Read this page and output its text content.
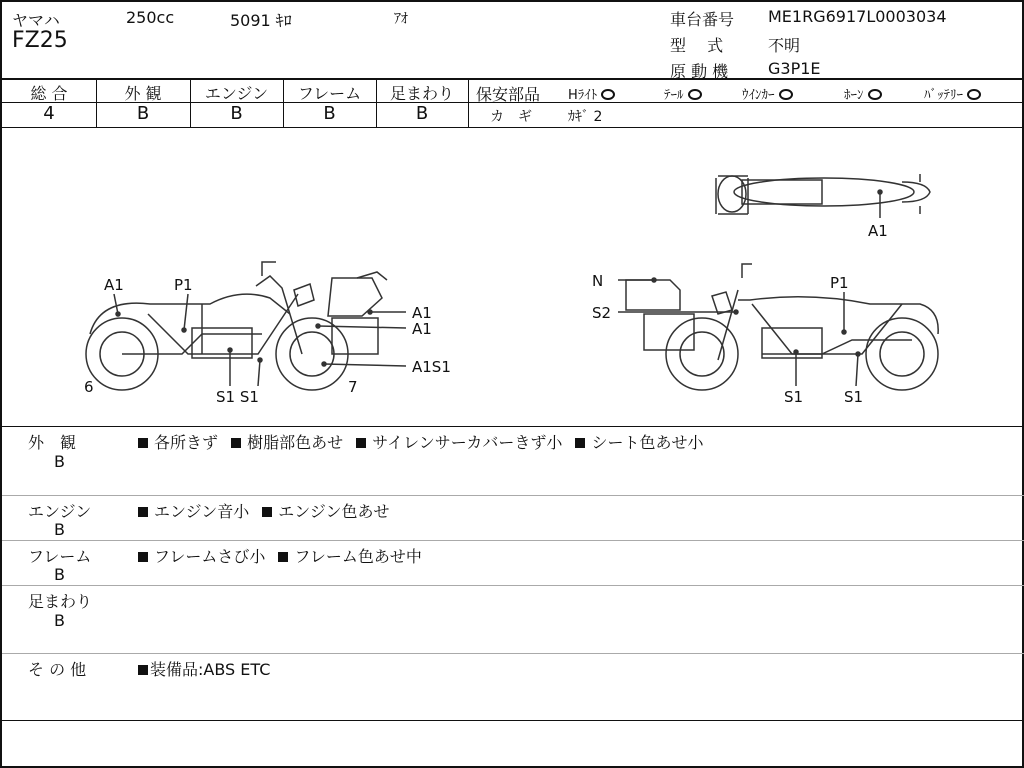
ヤマハ	250cc	5091 ｷﾛ	ｱｵ
FZ25
車台番号 ME1RG6917L0003034
型　 式	不明
原 動 機 G3P1E
総 合	外 観	エンジン	フレーム	足まわり
4	B	B	B	B
保安部品 Hﾗｲﾄ	ﾃｰﾙ	ｳｲﾝｶｰ	ﾎｰﾝ	ﾊﾞｯﾃﾘｰ
カ　ギ	ｶｷﾞ 2
A1
A1	P1
A1
A1
A1S1
6	7
S1 S1
N
S2
P1
S1	S1
外　観
B
各所きず 樹脂部色あせ サイレンサーカバーきず小 シート色あせ小
エンジン
B
エンジン音小 エンジン色あせ
フレーム
B
フレームさび小 フレーム色あせ中
足まわり
B
そ の 他	装備品:ABS ETC
